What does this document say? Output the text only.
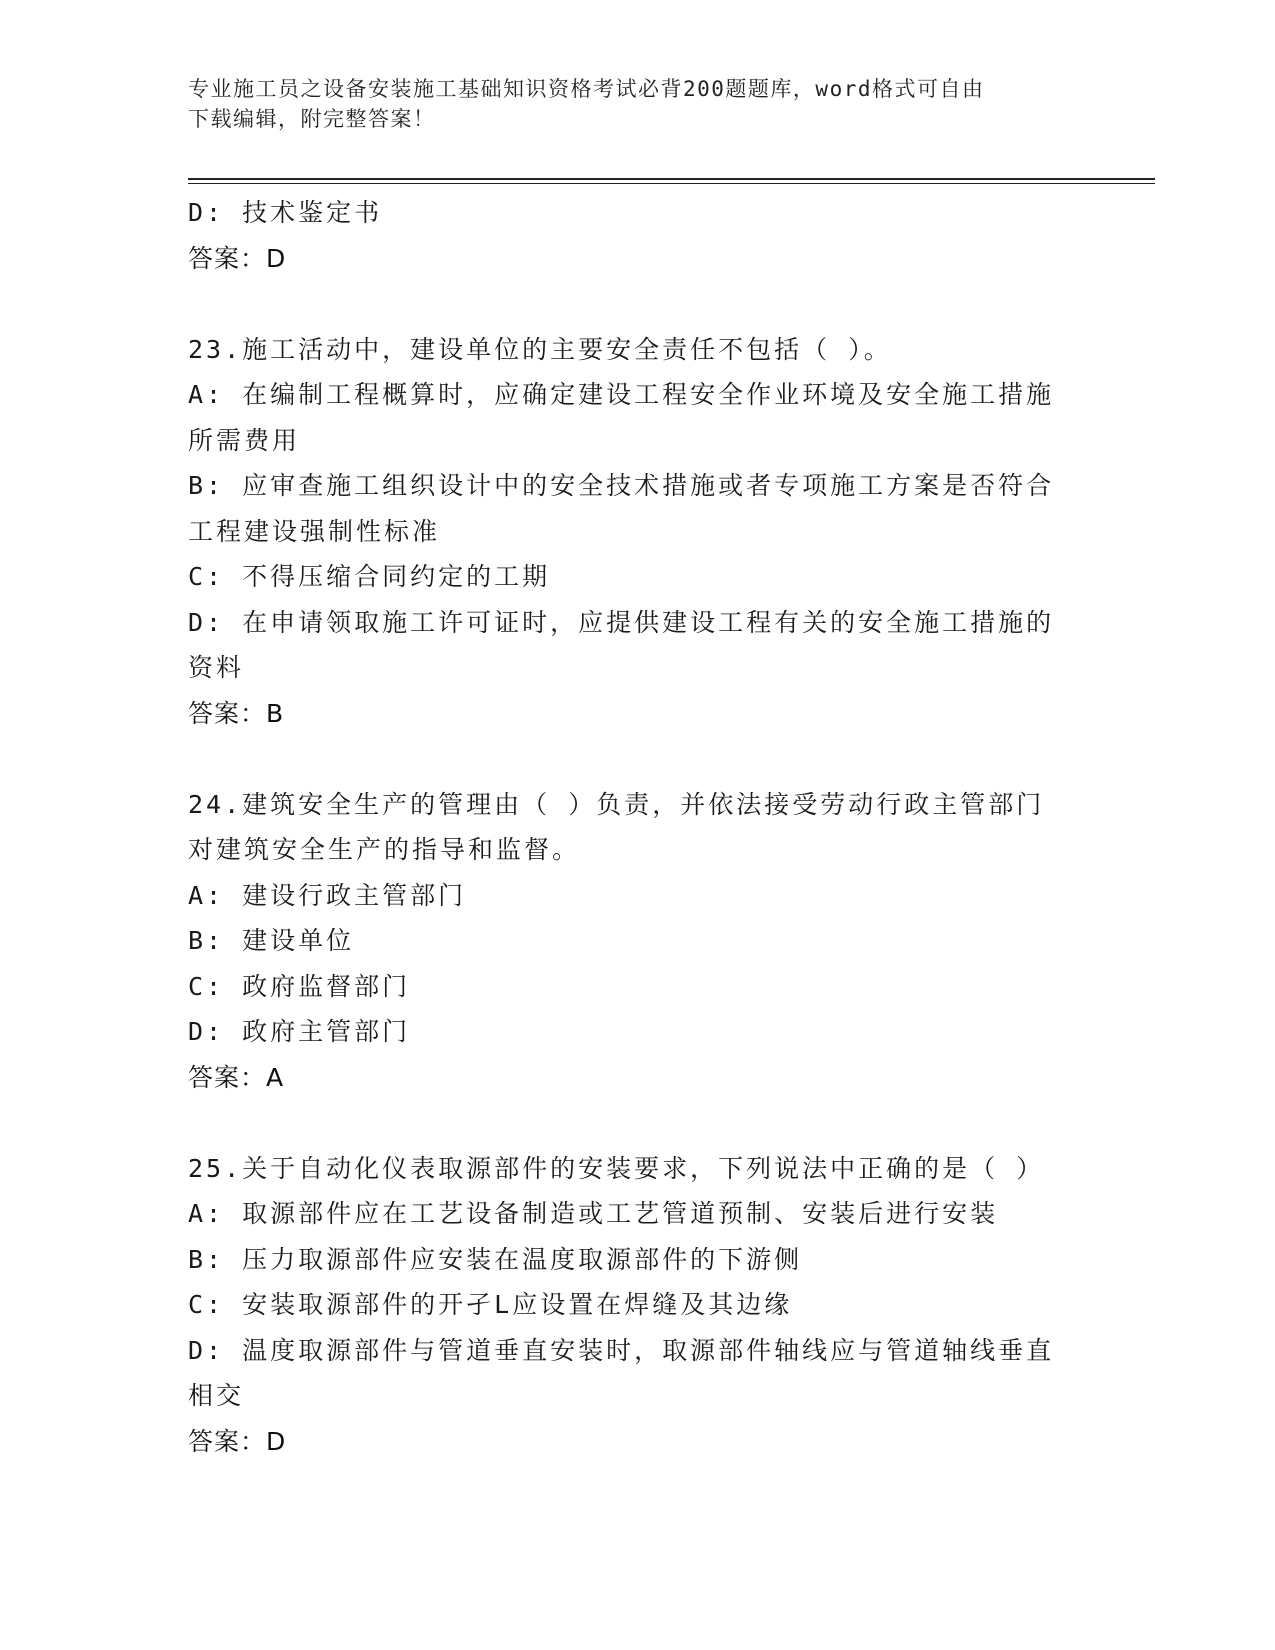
专业施工员之设备安装施工基础知识资格考试必背200题题库，word格式可自由
下载编辑，附完整答案！
D: 技术鉴定书
答案：D
23.施工活动中，建设单位的主要安全责任不包括（ ）。
A: 在编制工程概算时，应确定建设工程安全作业环境及安全施工措施
所需费用
B: 应审查施工组织设计中的安全技术措施或者专项施工方案是否符合
工程建设强制性标准
C: 不得压缩合同约定的工期
D: 在申请领取施工许可证时，应提供建设工程有关的安全施工措施的
资料
答案：B
24.建筑安全生产的管理由（ ）负责，并依法接受劳动行政主管部门
对建筑安全生产的指导和监督。
A: 建设行政主管部门
B: 建设单位
C: 政府监督部门
D: 政府主管部门
答案：A
25.关于自动化仪表取源部件的安装要求，下列说法中正确的是（ ）
A: 取源部件应在工艺设备制造或工艺管道预制、安装后进行安装
B: 压力取源部件应安装在温度取源部件的下游侧
C: 安装取源部件的开孑L应设置在焊缝及其边缘
D: 温度取源部件与管道垂直安装时，取源部件轴线应与管道轴线垂直
相交
答案：D
